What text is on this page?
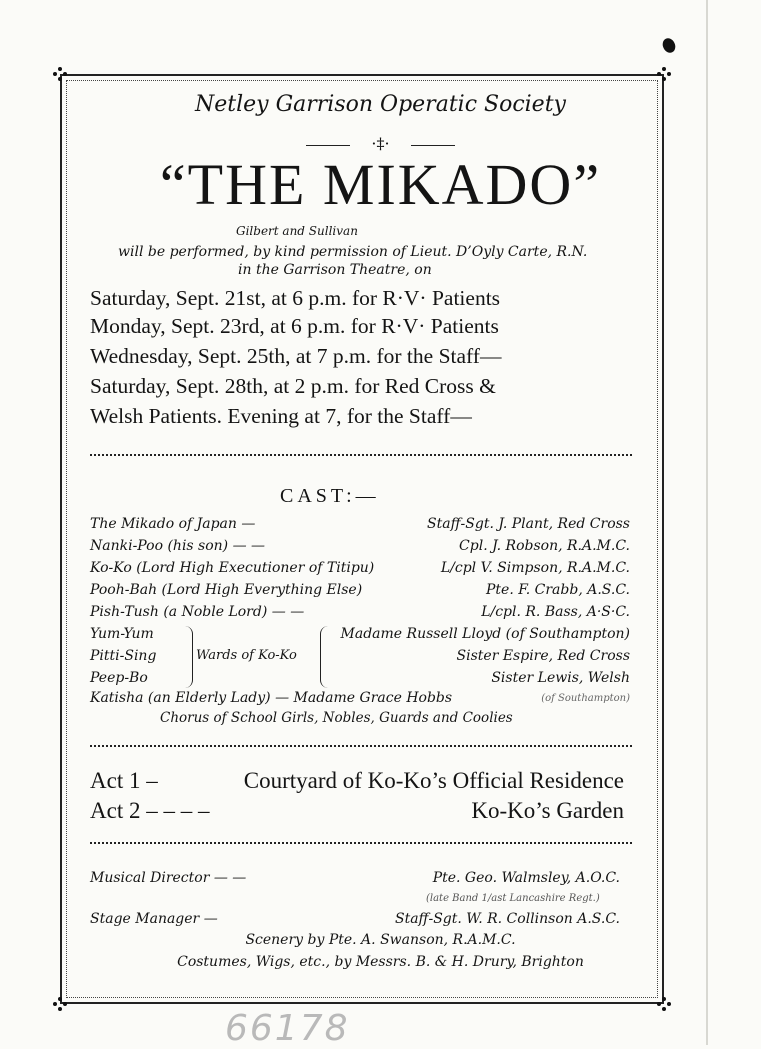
Netley Garrison Operatic Society
·‡·
“THE MIKADO”
Gilbert and Sullivan
will be performed, by kind permission of Lieut. D’Oyly Carte, R.N.
in the Garrison Theatre, on
Saturday, Sept. 21st, at 6 p.m. for R·V· Patients
Monday, Sept. 23rd, at 6 p.m. for R·V· Patients
Wednesday, Sept. 25th, at 7 p.m. for the Staff—
Saturday, Sept. 28th, at 2 p.m. for Red Cross &
Welsh Patients. Evening at 7, for the Staff—
CAST:—
The Mikado of Japan —	Staff-Sgt. J. Plant, Red Cross
Nanki-Poo (his son) — —	Cpl. J. Robson, R.A.M.C.
Ko-Ko (Lord High Executioner of Titipu)	L/cpl V. Simpson, R.A.M.C.
Pooh-Bah (Lord High Everything Else)	Pte. F. Crabb, A.S.C.
Pish-Tush (a Noble Lord) — —	L/cpl. R. Bass, A·S·C.
Yum-Yum	Madame Russell Lloyd (of Southampton)
Pitti-Sing	Sister Espire, Red Cross
Peep-Bo	Sister Lewis, Welsh
Katisha (an Elderly Lady) — Madame Grace Hobbs	(of Southampton)
Wards of Ko-Ko
Chorus of School Girls, Nobles, Guards and Coolies
Act 1 –	Courtyard of Ko-Ko’s Official Residence
Act 2 – – – –	Ko-Ko’s Garden
Musical Director — —	Pte. Geo. Walmsley, A.O.C.
(late Band 1/ast Lancashire Regt.)
Stage Manager —	Staff-Sgt. W. R. Collinson A.S.C.
Scenery by Pte. A. Swanson, R.A.M.C.
Costumes, Wigs, etc., by Messrs. B. & H. Drury, Brighton
66178
